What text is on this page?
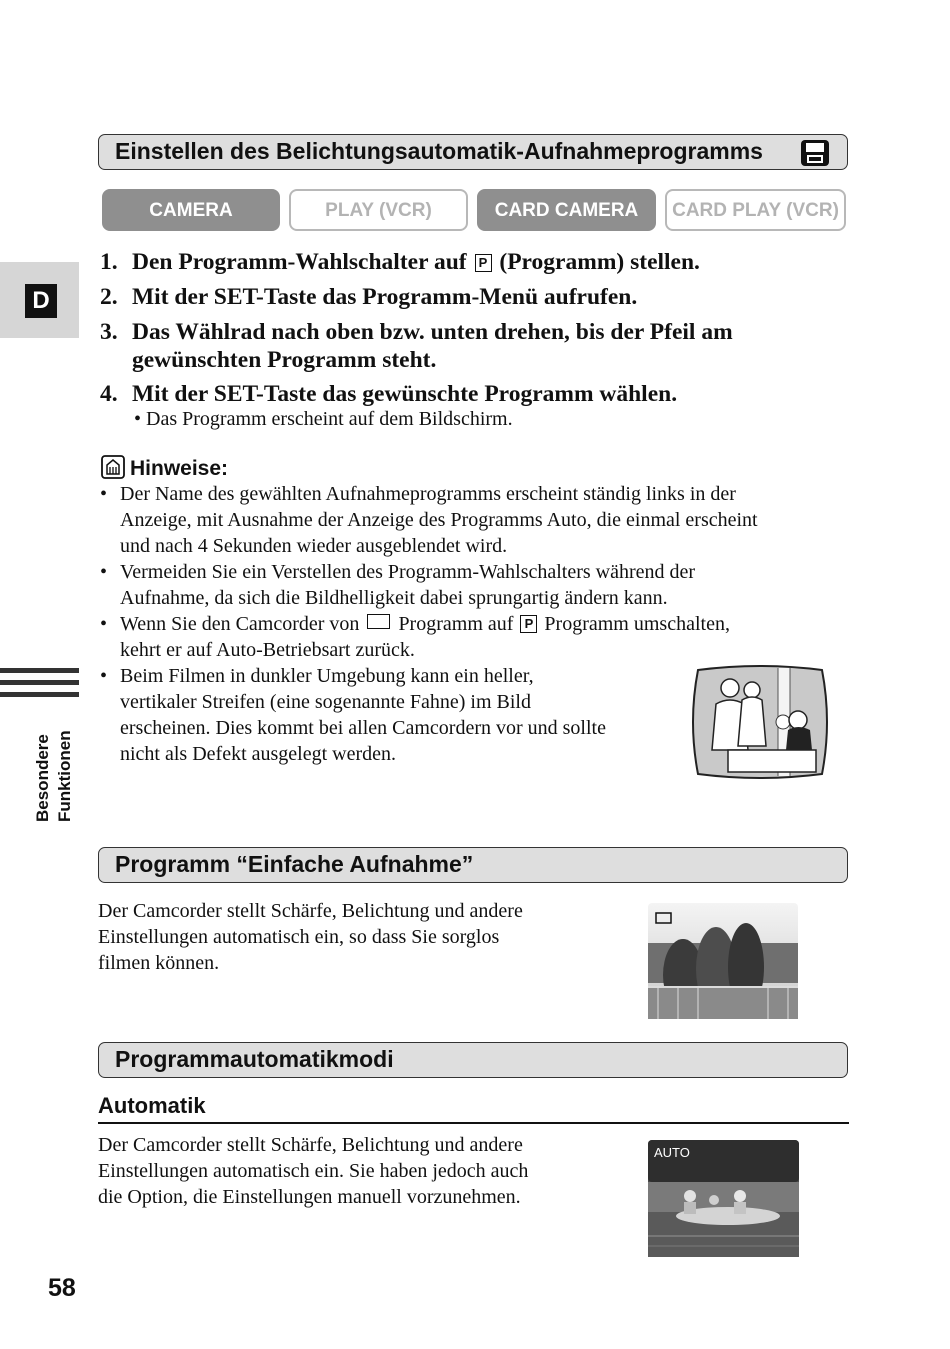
D
Besondere Funktionen
Einstellen des Belichtungsautomatik-Aufnahmeprogramms
CAMERA	PLAY (VCR)	CARD CAMERA	CARD PLAY (VCR)
1. Den Programm-Wahlschalter auf P (Programm) stellen.
2. Mit der SET-Taste das Programm-Menü aufrufen.
3. Das Wählrad nach oben bzw. unten drehen, bis der Pfeil am
gewünschten Programm steht.
4. Mit der SET-Taste das gewünschte Programm wählen.
• Das Programm erscheint auf dem Bildschirm.
Hinweise:
• Der Name des gewählten Aufnahmeprogramms erscheint ständig links in der
Anzeige, mit Ausnahme der Anzeige des Programms Auto, die einmal erscheint
und nach 4 Sekunden wieder ausgeblendet wird.
• Vermeiden Sie ein Verstellen des Programm-Wahlschalters während der
Aufnahme, da sich die Bildhelligkeit dabei sprungartig ändern kann.
• Wenn Sie den Camcorder von Programm auf P Programm umschalten,
kehrt er auf Auto-Betriebsart zurück.
• Beim Filmen in dunkler Umgebung kann ein heller,
vertikaler Streifen (eine sogenannte Fahne) im Bild
erscheinen. Dies kommt bei allen Camcordern vor und sollte
nicht als Defekt ausgelegt werden.
Programm “Einfache Aufnahme”
Der Camcorder stellt Schärfe, Belichtung und andere
Einstellungen automatisch ein, so dass Sie sorglos
filmen können.
Programmautomatikmodi
Automatik
Der Camcorder stellt Schärfe, Belichtung und andere
Einstellungen automatisch ein. Sie haben jedoch auch
die Option, die Einstellungen manuell vorzunehmen.
AUTO
58
